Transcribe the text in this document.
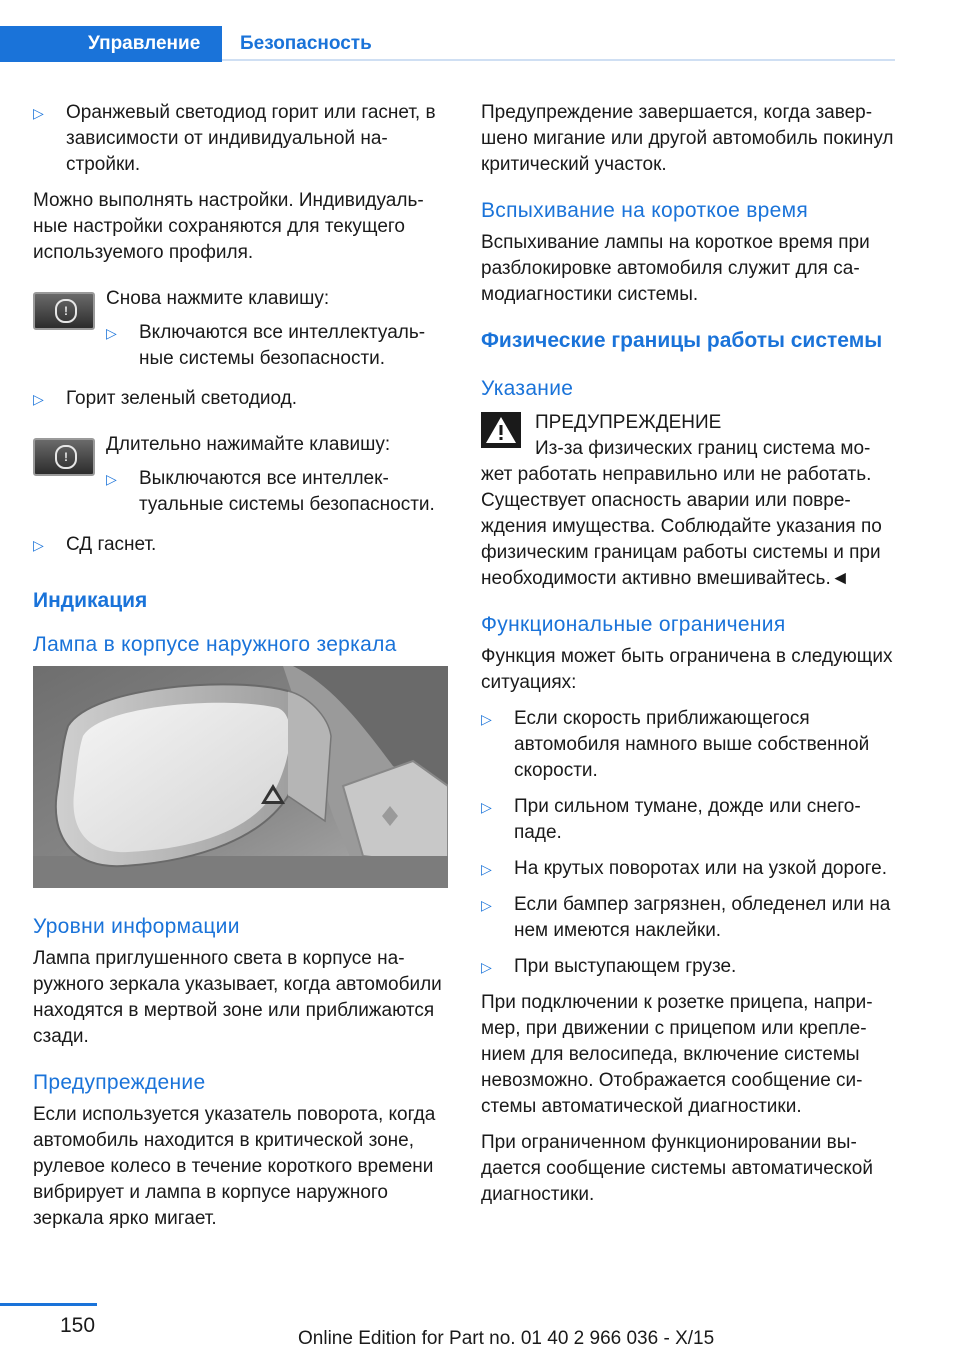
Управление	Безопасность
▷ Оранжевый светодиод горит или гаснет, в зависимости от индивидуальной настройки.

Можно выполнять настройки. Индивидуальные настройки сохраняются для текущего используемого профиля.

!
Снова нажмите клавишу:
▷ Включаются все интеллектуальные системы безопасности.
▷ Горит зеленый светодиод.
!
Длительно нажимайте клавишу:
▷ Выключаются все интеллектуальные системы безопасности.
▷ СД гаснет.
Индикация
Лампа в корпусе наружного зеркала
Уровни информации

Лампа приглушенного света в корпусе наружного зеркала указывает, когда автомобили находятся в мертвой зоне или приближаются сзади.

Предупреждение

Если используется указатель поворота, когда автомобиль находится в критической зоне, рулевое колесо в течение короткого времени вибрирует и лампа в корпусе наружного зеркала ярко мигает.

Предупреждение завершается, когда завершено мигание или другой автомобиль покинул критический участок.

Вспыхивание на короткое время

Вспыхивание лампы на короткое время при разблокировке автомобиля служит для самодиагностики системы.

Физические границы работы системы
Указание
ПРЕДУПРЕЖДЕНИЕ

Из-за физических границ система может работать неправильно или не работать. Существует опасность аварии или повреждения имущества. Соблюдайте указания по физическим границам работы системы и при необходимости активно вмешивайтесь.◄

Функциональные ограничения

Функция может быть ограничена в следующих ситуациях:

▷ Если скорость приближающегося автомобиля намного выше собственной скорости.
▷ При сильном тумане, дожде или снегопаде.
▷ На крутых поворотах или на узкой дороге.
▷ Если бампер загрязнен, обледенел или на нем имеются наклейки.
▷ При выступающем грузе.

При подключении к розетке прицепа, например, при движении с прицепом или креплением для велосипеда, включение системы невозможно. Отображается сообщение системы автоматической диагностики.

При ограниченном функционировании выдается сообщение системы автоматической диагностики.

150
Online Edition for Part no. 01 40 2 966 036 - X/15
